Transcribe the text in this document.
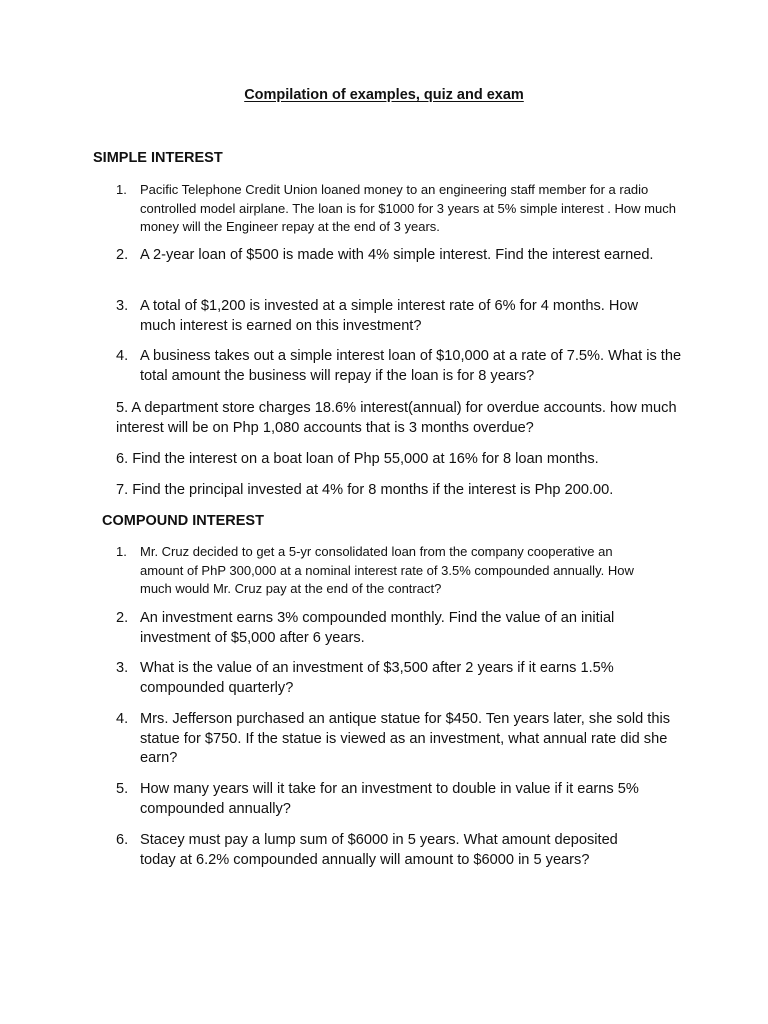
Compilation of examples, quiz and exam
SIMPLE INTEREST
1. Pacific Telephone Credit Union loaned money to an engineering staff member for a radio controlled model airplane. The loan is for $1000 for 3 years at 5% simple interest . How much money will the Engineer repay at the end of 3 years.
2. A 2-year loan of $500 is made with 4% simple interest. Find the interest earned.
3. A total of $1,200 is invested at a simple interest rate of 6% for 4 months. How much interest is earned on this investment?
4. A business takes out a simple interest loan of $10,000 at a rate of 7.5%. What is the total amount the business will repay if the loan is for 8 years?
5. A department store charges 18.6% interest(annual) for overdue accounts. how much interest will be on Php 1,080 accounts that is 3 months overdue?
6. Find the interest on a boat loan of Php 55,000 at 16% for 8 loan months.
7. Find the principal invested at 4% for 8 months if the interest is Php 200.00.
COMPOUND INTEREST
1. Mr. Cruz decided to get a 5-yr consolidated loan from the company cooperative an amount of PhP 300,000 at a nominal interest rate of 3.5% compounded annually. How much would Mr. Cruz pay at the end of the contract?
2. An investment earns 3% compounded monthly. Find the value of an initial investment of $5,000 after 6 years.
3. What is the value of an investment of $3,500 after 2 years if it earns 1.5% compounded quarterly?
4. Mrs. Jefferson purchased an antique statue for $450. Ten years later, she sold this statue for $750. If the statue is viewed as an investment, what annual rate did she earn?
5. How many years will it take for an investment to double in value if it earns 5% compounded annually?
6. Stacey must pay a lump sum of $6000 in 5 years. What amount deposited today at 6.2% compounded annually will amount to $6000 in 5 years?
